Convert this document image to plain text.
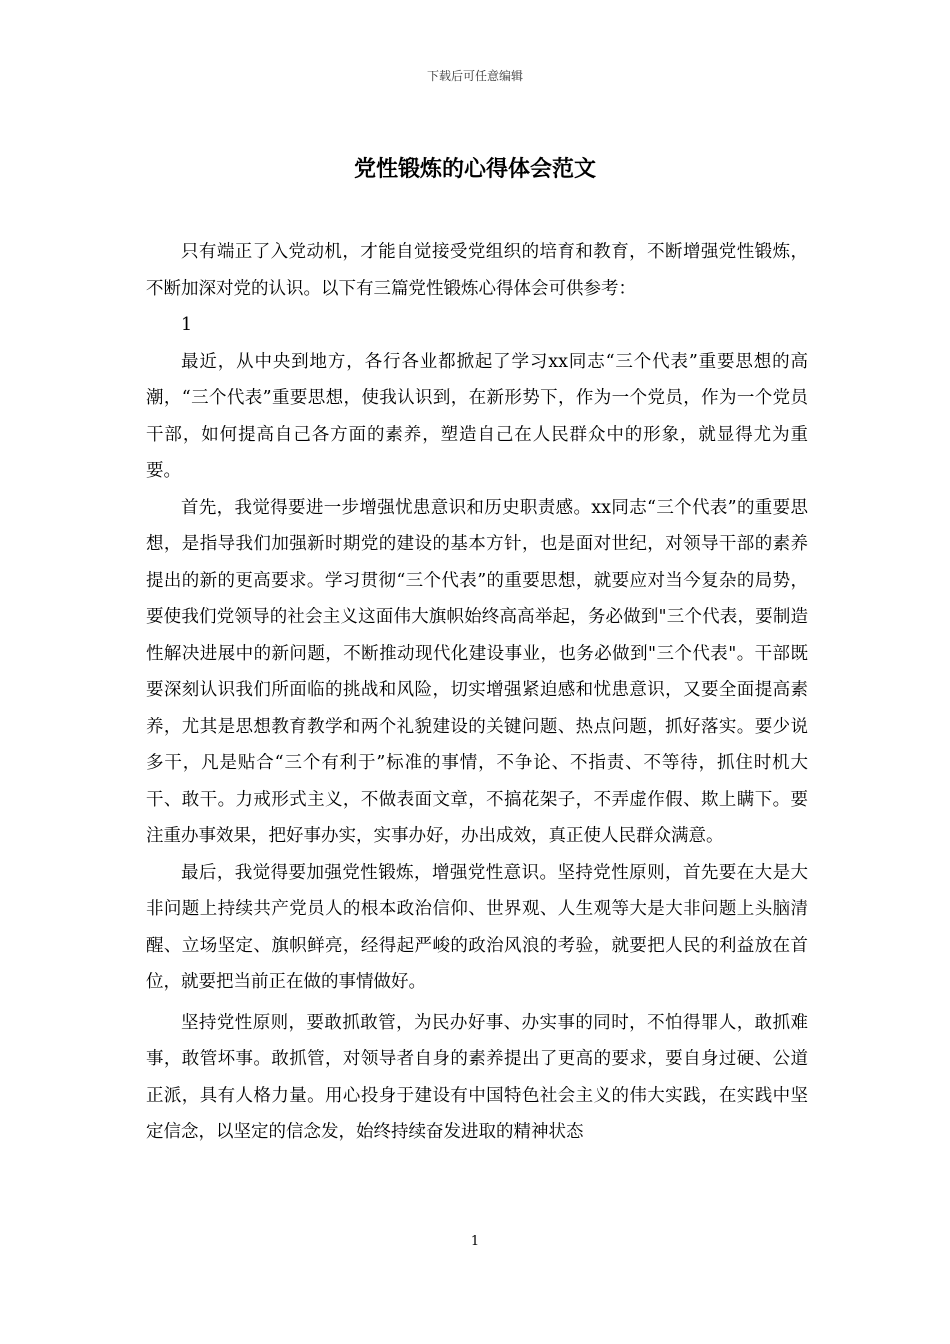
下载后可任意编辑
党性锻炼的心得体会范文

只有端正了入党动机，才能自觉接受党组织的培育和教育，不断增强党性锻炼，不断加深对党的认识。以下有三篇党性锻炼心得体会可供参考：

1

最近，从中央到地方，各行各业都掀起了学习xx同志“三个代表”重要思想的高潮，“三个代表”重要思想，使我认识到，在新形势下，作为一个党员，作为一个党员干部，如何提高自己各方面的素养，塑造自己在人民群众中的形象，就显得尤为重要。

首先，我觉得要进一步增强忧患意识和历史职责感。xx同志“三个代表”的重要思想，是指导我们加强新时期党的建设的基本方针，也是面对世纪，对领导干部的素养提出的新的更高要求。学习贯彻“三个代表”的重要思想，就要应对当今复杂的局势，要使我们党领导的社会主义这面伟大旗帜始终高高举起，务必做到"三个代表，要制造性解决进展中的新问题，不断推动现代化建设事业，也务必做到"三个代表"。干部既要深刻认识我们所面临的挑战和风险，切实增强紧迫感和忧患意识，又要全面提高素养，尤其是思想教育教学和两个礼貌建设的关键问题、热点问题，抓好落实。要少说多干，凡是贴合“三个有利于”标准的事情，不争论、不指责、不等待，抓住时机大干、敢干。力戒形式主义，不做表面文章，不搞花架子，不弄虚作假、欺上瞒下。要注重办事效果，把好事办实，实事办好，办出成效，真正使人民群众满意。

最后，我觉得要加强党性锻炼，增强党性意识。坚持党性原则，首先要在大是大非问题上持续共产党员人的根本政治信仰、世界观、人生观等大是大非问题上头脑清醒、立场坚定、旗帜鲜亮，经得起严峻的政治风浪的考验，就要把人民的利益放在首位，就要把当前正在做的事情做好。

坚持党性原则，要敢抓敢管，为民办好事、办实事的同时，不怕得罪人，敢抓难事，敢管坏事。敢抓管，对领导者自身的素养提出了更高的要求，要自身过硬、公道正派，具有人格力量。用心投身于建设有中国特色社会主义的伟大实践，在实践中坚定信念，以坚定的信念发，始终持续奋发进取的精神状态

1
